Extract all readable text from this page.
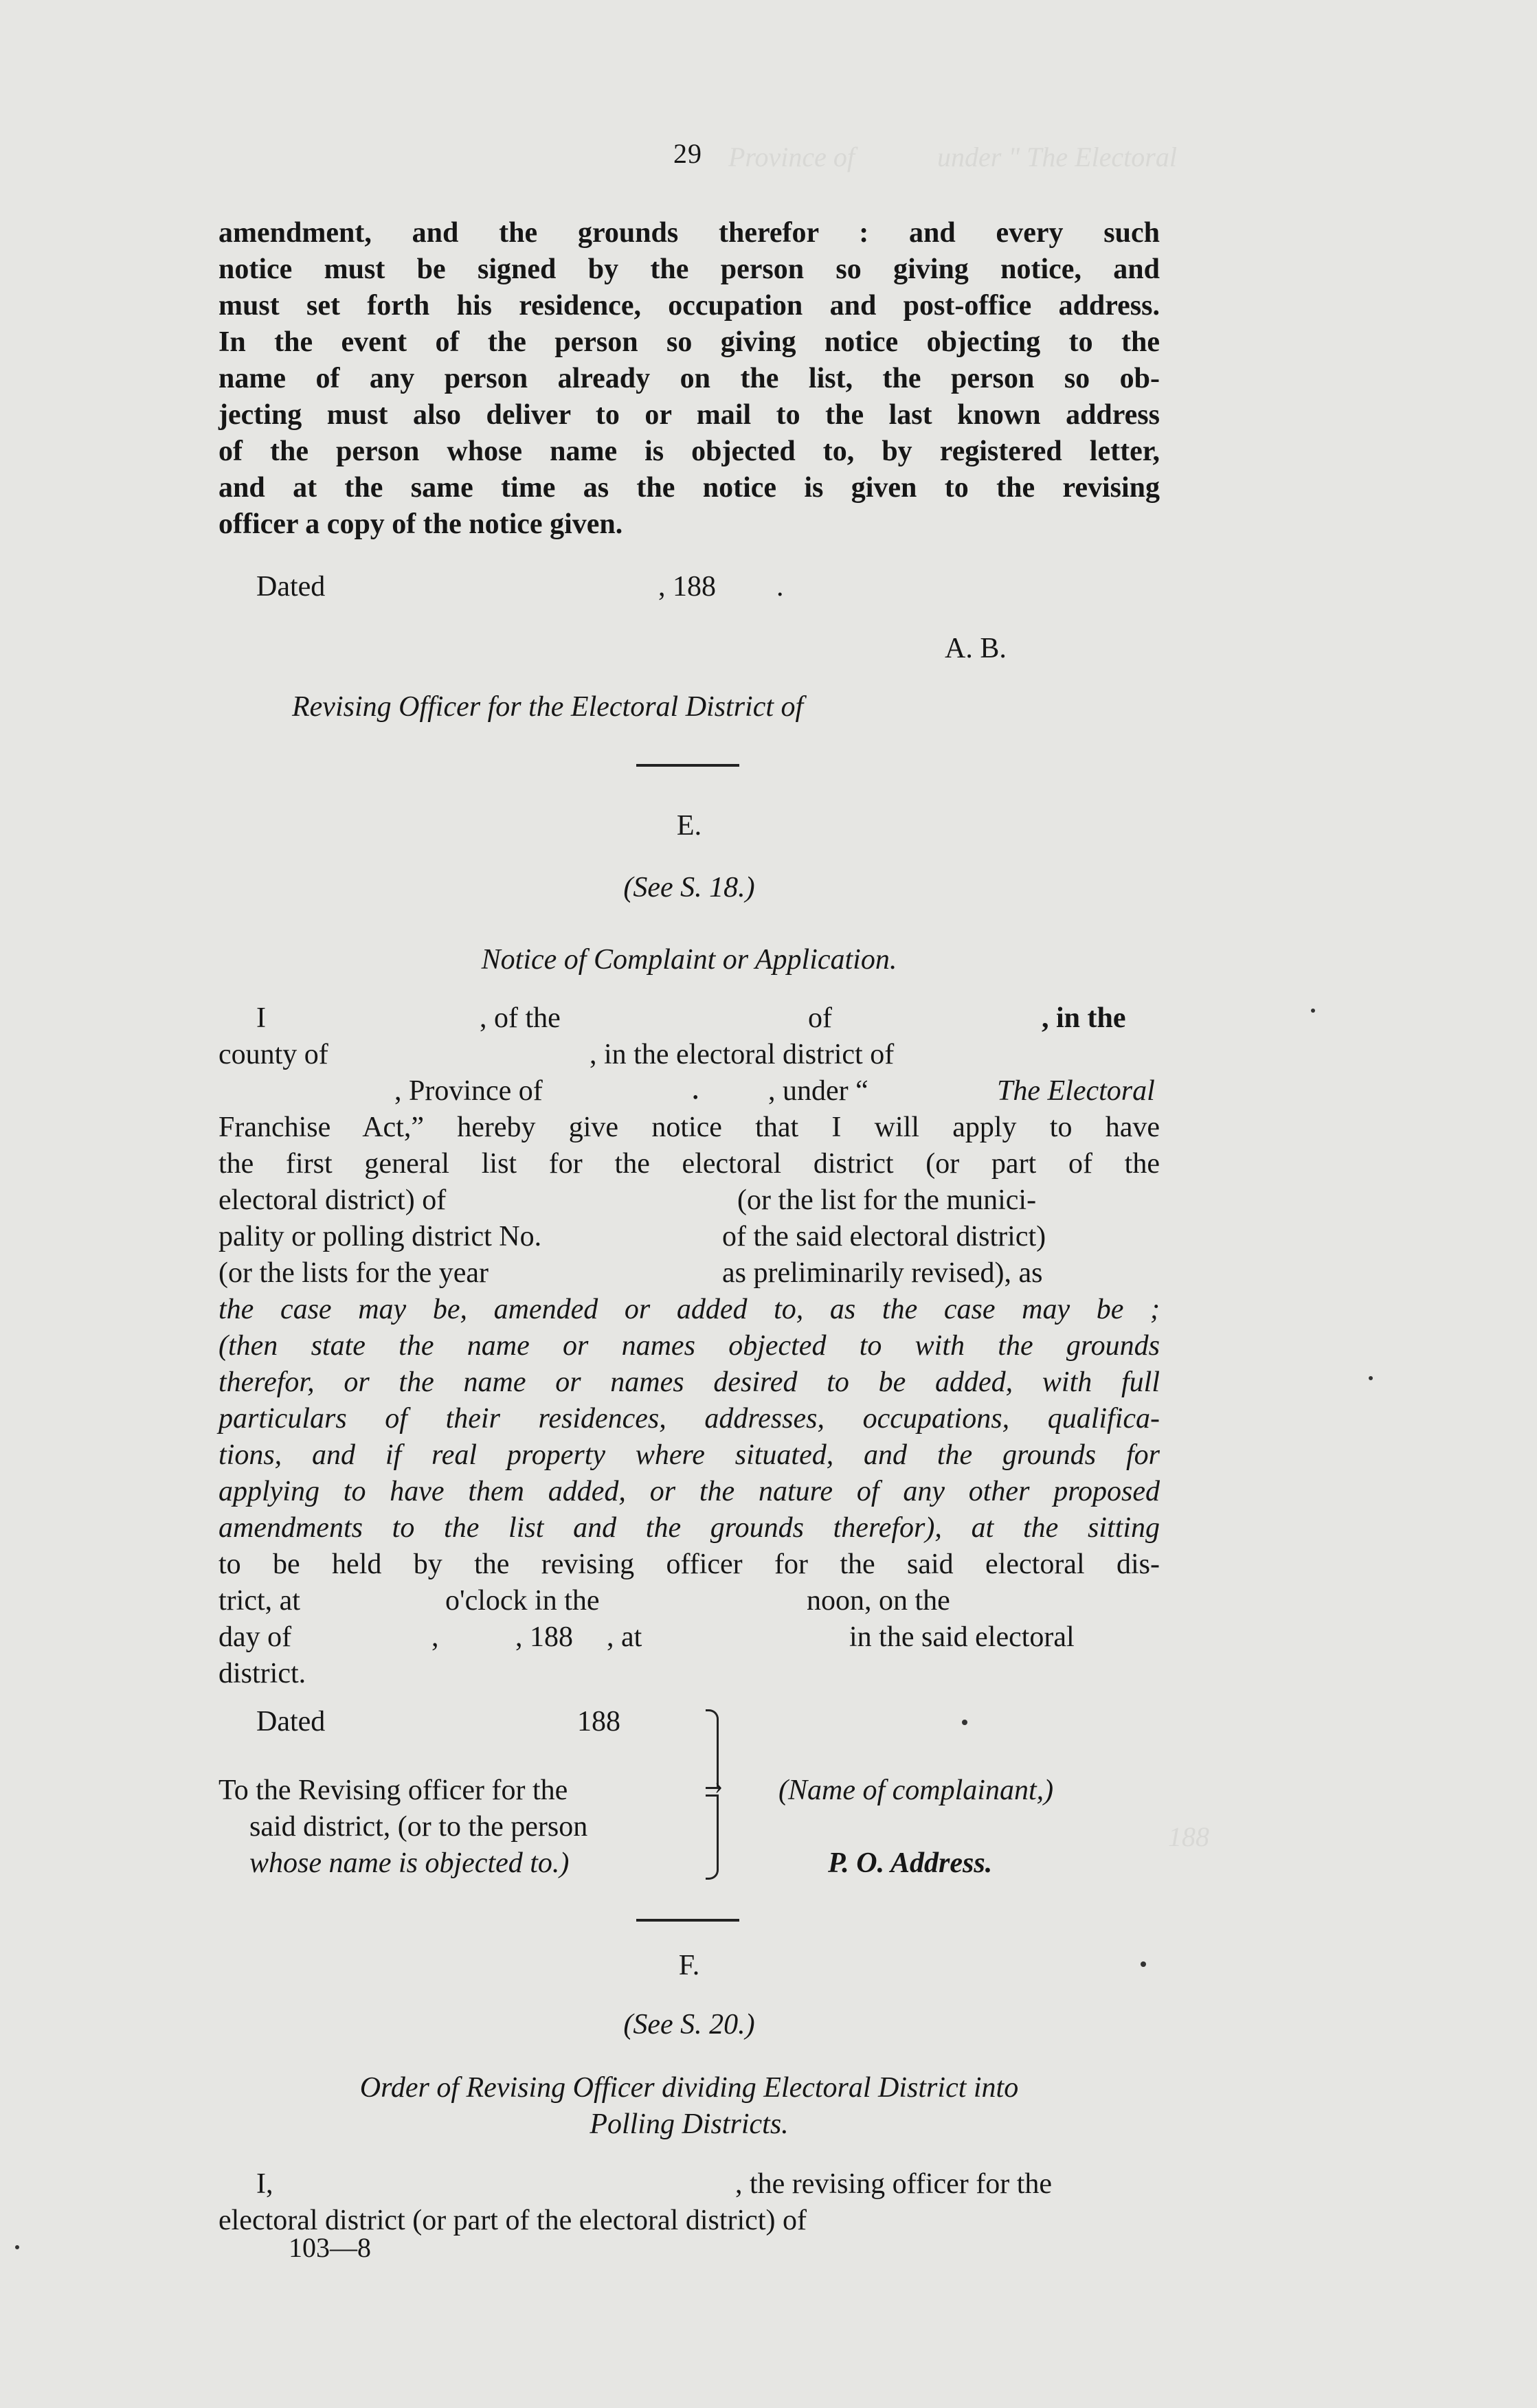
Province of            under " The Electoral
188
29
amendment, and the grounds therefor : and every such
notice must be signed by the person so giving notice, and
must set forth his residence, occupation and post-office address.
In the event of the person so giving notice objecting to the
name of any person already on the list, the person so ob-
jecting must also deliver to or mail to the last known address
of the person whose name is objected to, by registered letter,
and at the same time as the notice is given to the revising
officer a copy of the notice given.
Dated	, 188 .
A. B.
Revising Officer for the Electoral District of
E.
(See S. 18.)
Notice of Complaint or Application.
I	, of the	of	, in the
county of	, in the electoral district of
, Province of	• , under “	The Electoral
Franchise Act,” hereby give notice that I will apply to have
the first general list for the electoral district (or part of the
electoral district) of	(or the list for the munici-
pality or polling district No.	of the said electoral district)
(or the lists for the year	as preliminarily revised), as
the case may be, amended or added to, as the case may be ;
(then state the name or names objected to with the grounds
therefor, or the name or names desired to be added, with full
particulars of their residences, addresses, occupations, qualifica-
tions, and if real property where situated, and the grounds for
applying to have them added, or the nature of any other proposed
amendments to the list and the grounds therefor), at the sitting
to be held by the revising officer for the said electoral dis-
trict, at	o'clock in the	noon, on the
day of	,	, 188 , at	in the said electoral
district.
Dated	188
To the Revising officer for the
said district, (or to the person
whose name is objected to.)
› (Name of complainant,)
P. O. Address.
F.
(See S. 20.)
Order of Revising Officer dividing Electoral District into
Polling Districts.
I,	, the revising officer for the
electoral district (or part of the electoral district) of
103—8
